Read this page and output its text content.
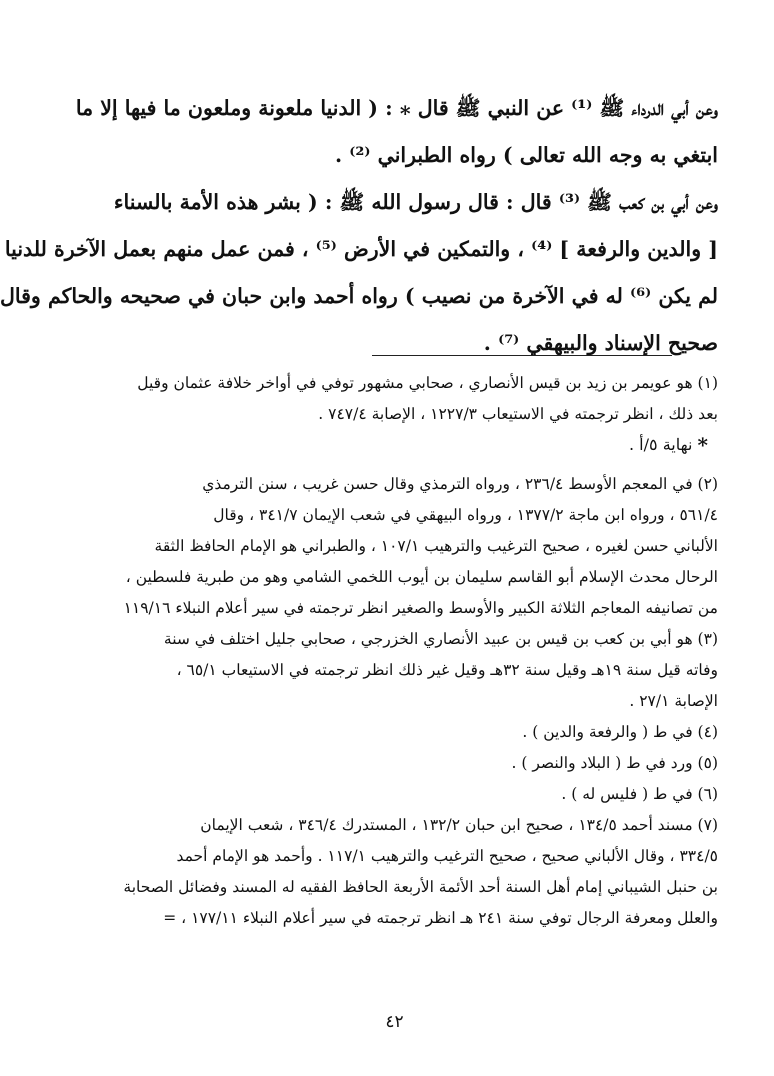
وعن أبي الدرداء ﷺ ⁽¹⁾ عن النبي ﷺ قال ⁎ : ( الدنيا ملعونة وملعون ما فيها إلا ما
ابتغي به وجه الله تعالى ) رواه الطبراني ⁽²⁾ .
وعن أبي بن كعب ﷺ ⁽³⁾ قال : قال رسول الله ﷺ : ( بشر هذه الأمة بالسناء
[ والدين والرفعة ] ⁽⁴⁾ ، والتمكين في الأرض ⁽⁵⁾ ، فمن عمل منهم بعمل الآخرة للدنيا
لم يكن ⁽⁶⁾ له في الآخرة من نصيب ) رواه أحمد وابن حبان في صحيحه والحاكم وقال
صحيح الإسناد والبيهقي ⁽⁷⁾ .
(١) هو عويمر بن زيد بن قيس الأنصاري ، صحابي مشهور توفي في أواخر خلافة عثمان وقيل
بعد ذلك ، انظر ترجمته في الاستيعاب ١٢٢٧/٣ ، الإصابة ٧٤٧/٤ .
* نهاية ٥/أ .
(٢) في المعجم الأوسط ٢٣٦/٤ ، ورواه الترمذي وقال حسن غريب ، سنن الترمذي
٥٦١/٤ ، ورواه ابن ماجة ١٣٧٧/٢ ، ورواه البيهقي في شعب الإيمان ٣٤١/٧ ، وقال
الألباني حسن لغيره ، صحيح الترغيب والترهيب ١٠٧/١ ، والطبراني هو الإمام الحافظ الثقة
الرحال محدث الإسلام أبو القاسم سليمان بن أيوب اللخمي الشامي وهو من طبرية فلسطين ،
من تصانيفه المعاجم الثلاثة الكبير والأوسط والصغير انظر ترجمته في سير أعلام النبلاء ١١٩/١٦
(٣) هو أبي بن كعب بن قيس بن عبيد الأنصاري الخزرجي ، صحابي جليل اختلف في سنة
وفاته قيل سنة ١٩هـ وقيل سنة ٣٢هـ وقيل غير ذلك انظر ترجمته في الاستيعاب ٦٥/١ ،
الإصابة ٢٧/١ .
(٤) في ط ( والرفعة والدين ) .
(٥) ورد في ط ( البلاد والنصر ) .
(٦) في ط ( فليس له ) .
(٧) مسند أحمد ١٣٤/٥ ، صحيح ابن حبان ١٣٢/٢ ، المستدرك ٣٤٦/٤ ، شعب الإيمان
٣٣٤/٥ ، وقال الألباني صحيح ، صحيح الترغيب والترهيب ١١٧/١ . وأحمد هو الإمام أحمد
بن حنبل الشيباني إمام أهل السنة أحد الأئمة الأربعة الحافظ الفقيه له المسند وفضائل الصحابة
والعلل ومعرفة الرجال توفي سنة ٢٤١ هـ انظر ترجمته في سير أعلام النبلاء ١٧٧/١١ ، =
٤٢
